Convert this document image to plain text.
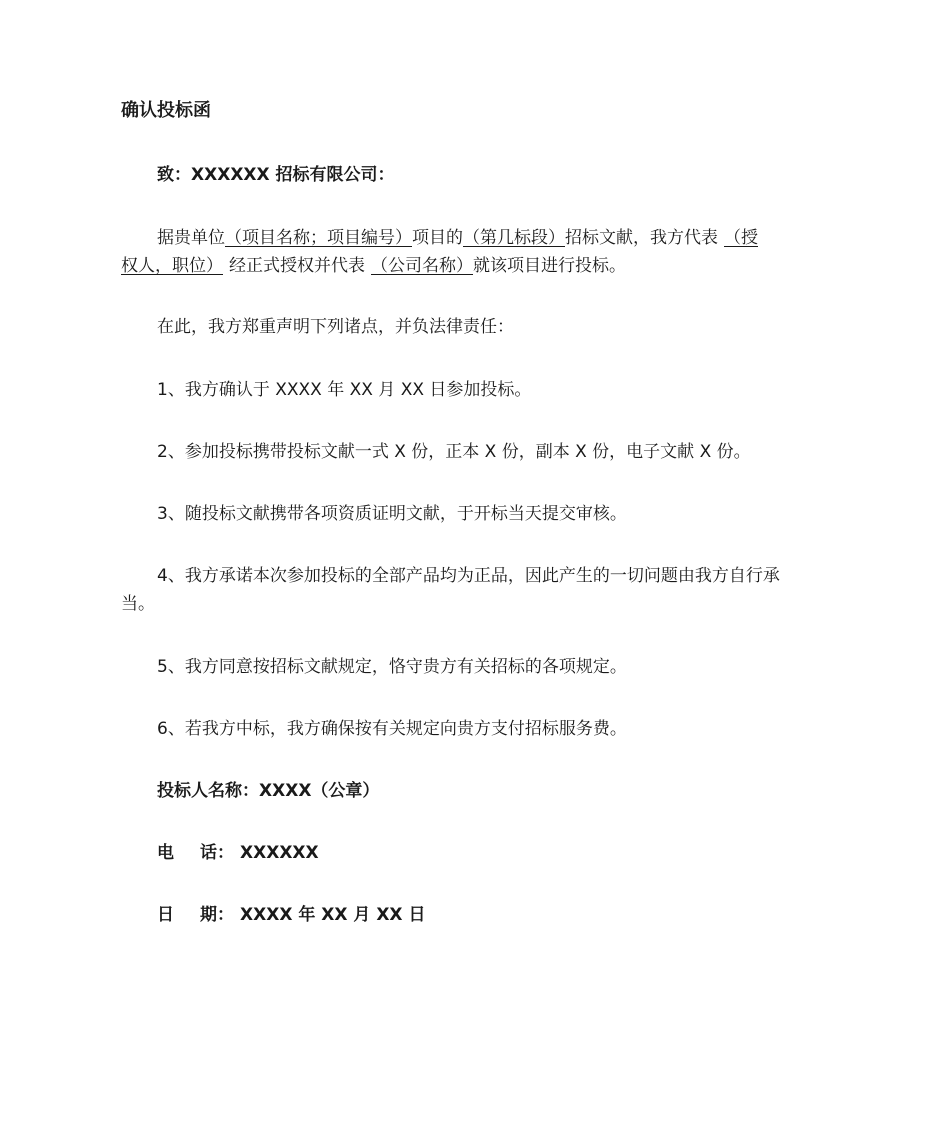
确认投标函
致：XXXXXX 招标有限公司：
据贵单位（项目名称；项目编号）项目的（第几标段）招标文献，我方代表 （授
权人，职位） 经正式授权并代表 （公司名称）就该项目进行投标。
在此，我方郑重声明下列诸点，并负法律责任：
1、我方确认于 XXXX 年 XX 月 XX 日参加投标。
2、参加投标携带投标文献一式 X 份，正本 X 份，副本 X 份，电子文献 X 份。
3、随投标文献携带各项资质证明文献，于开标当天提交审核。
4、我方承诺本次参加投标的全部产品均为正品，因此产生的一切问题由我方自行承
当。
5、我方同意按招标文献规定，恪守贵方有关招标的各项规定。
6、若我方中标，我方确保按有关规定向贵方支付招标服务费。
投标人名称：XXXX（公章）
电 话： XXXXXX
日 期： XXXX 年 XX 月 XX 日
